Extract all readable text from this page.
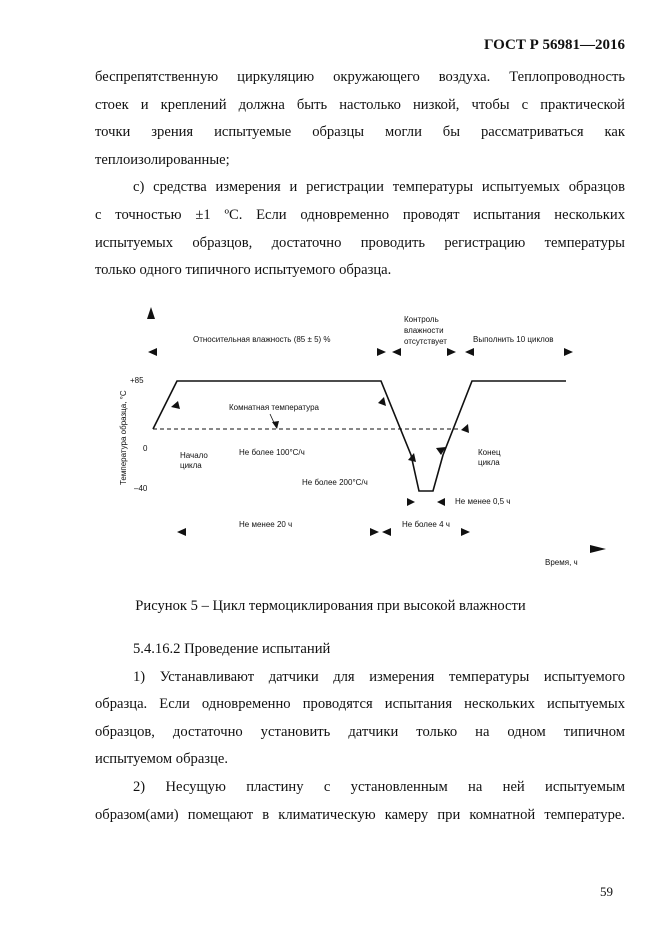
ГОСТ Р 56981—2016
беспрепятственную циркуляцию окружающего воздуха. Теплопроводность
стоек и креплений должна быть настолько низкой, чтобы с практической
точки зрения испытуемые образцы могли бы рассматриваться как
теплоизолированные;
c) средства измерения и регистрации температуры испытуемых образцов
с точностью ±1 ºС. Если одновременно проводят испытания нескольких
испытуемых образцов, достаточно проводить регистрацию температуры
только одного типичного испытуемого образца.
Температура образца, °С
+85
0
–40
Время, ч
Относительная влажность (85 ± 5) %
Контроль
влажности
отсутствует	Выполнить 10 циклов
Комнатная температура
Начало
цикла
Конец
цикла
Не более 100°С/ч
Не более 200°С/ч
Не менее 0,5 ч
Не менее 20 ч	Не более 4 ч
Рисунок 5 – Цикл термоциклирования при высокой влажности
5.4.16.2 Проведение испытаний
1) Устанавливают датчики для измерения температуры испытуемого
образца. Если одновременно проводятся испытания нескольких испытуемых
образцов, достаточно установить датчики только на одном типичном
испытуемом образце.
2) Несущую пластину с установленным на ней испытуемым
образом(ами) помещают в климатическую камеру при комнатной температуре.
59
